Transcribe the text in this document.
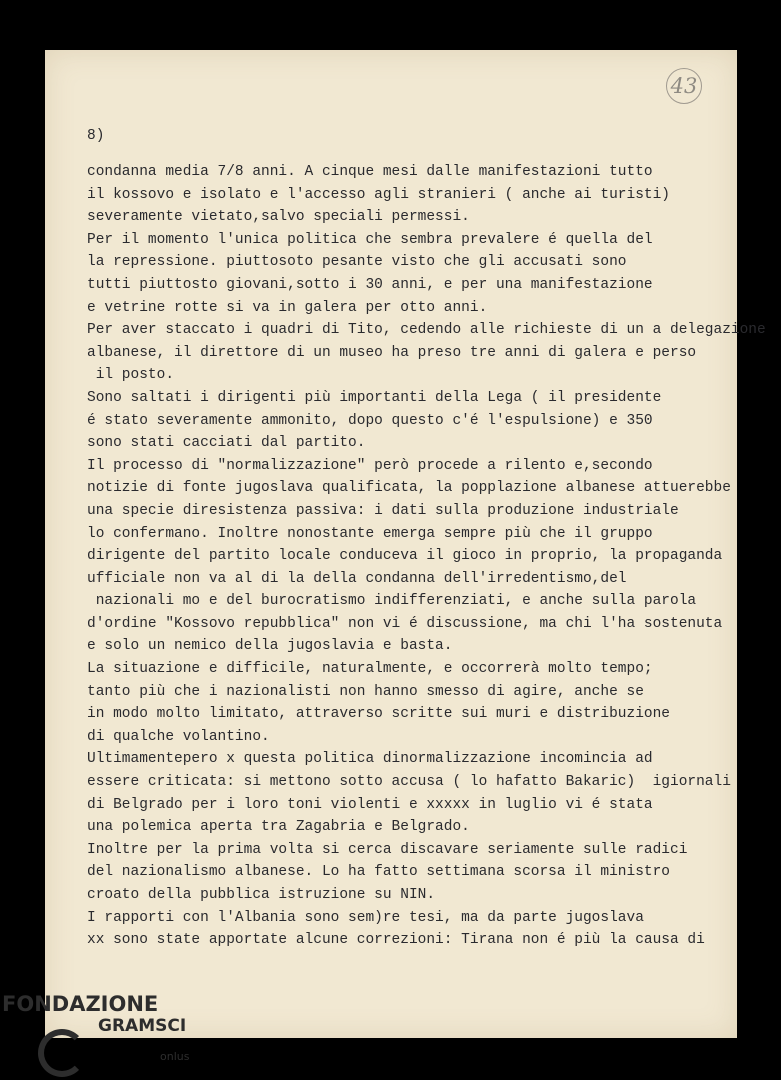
43
8)
condanna media 7/8 anni. A cinque mesi dalle manifestazioni tutto
il kossovo e isolato e l'accesso agli stranieri ( anche ai turisti)
severamente vietato,salvo speciali permessi.
Per il momento l'unica politica che sembra prevalere é quella del
la repressione. piuttosoto pesante visto che gli accusati sono
tutti piuttosto giovani,sotto i 30 anni, e per una manifestazione
e vetrine rotte si va in galera per otto anni.
Per aver staccato i quadri di Tito, cedendo alle richieste di un a delegazione
albanese, il direttore di un museo ha preso tre anni di galera e perso
il posto.
Sono saltati i dirigenti più importanti della Lega ( il presidente
é stato severamente ammonito, dopo questo c'é l'espulsione) e 350
sono stati cacciati dal partito.
Il processo di "normalizzazione" però procede a rilento e,secondo
notizie di fonte jugoslava qualificata, la popplazione albanese attuerebbe
una specie diresistenza passiva: i dati sulla produzione industriale
lo confermano. Inoltre nonostante emerga sempre più che il gruppo
dirigente del partito locale conduceva il gioco in proprio, la propaganda
ufficiale non va al di la della condanna dell'irredentismo,del
nazionali mo e del burocratismo indifferenziati, e anche sulla parola
d'ordine "Kossovo repubblica" non vi é discussione, ma chi l'ha sostenuta
e solo un nemico della jugoslavia e basta.
La situazione e difficile, naturalmente, e occorrerà molto tempo;
tanto più che i nazionalisti non hanno smesso di agire, anche se
in modo molto limitato, attraverso scritte sui muri e distribuzione
di qualche volantino.
Ultimamentepero x questa politica dinormalizzazione incomincia ad
essere criticata: si mettono sotto accusa ( lo hafatto Bakaric)  igiornali
di Belgrado per i loro toni violenti e xxxxx in luglio vi é stata
una polemica aperta tra Zagabria e Belgrado.
Inoltre per la prima volta si cerca discavare seriamente sulle radici
del nazionalismo albanese. Lo ha fatto settimana scorsa il ministro
croato della pubblica istruzione su NIN.
I rapporti con l'Albania sono sem)re tesi, ma da parte jugoslava
xx sono state apportate alcune correzioni: Tirana non é più la causa di
FONDAZIONE
GRAMSCI
onlus
